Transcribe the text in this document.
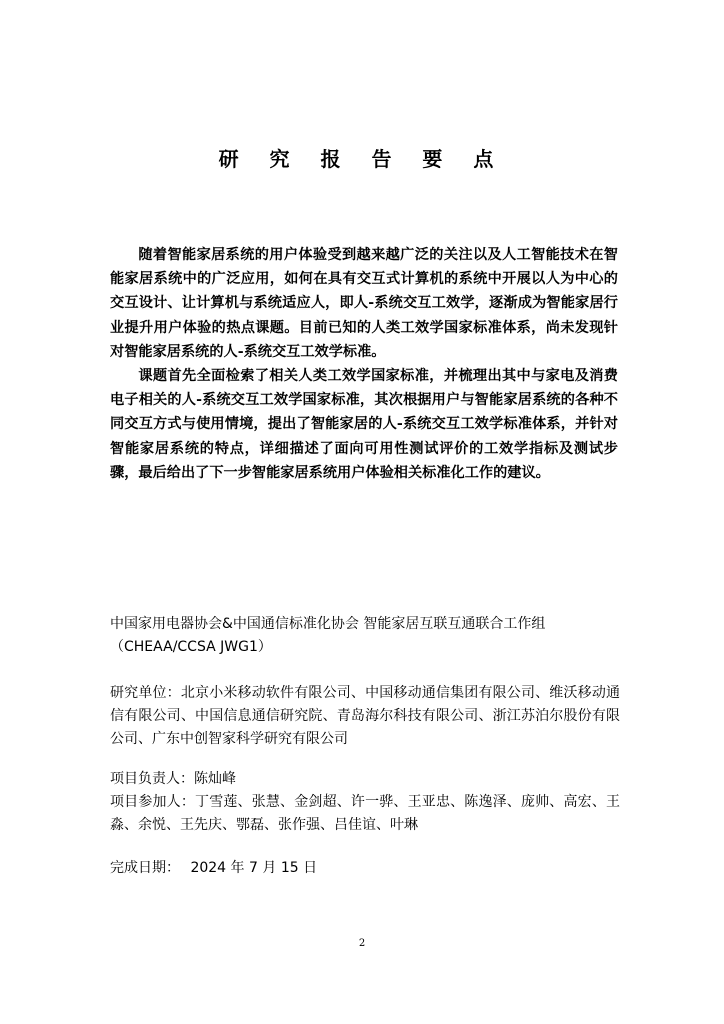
研 究 报 告 要 点

随着智能家居系统的用户体验受到越来越广泛的关注以及人工智能技术在智能家居系统中的广泛应用，如何在具有交互式计算机的系统中开展以人为中心的交互设计、让计算机与系统适应人，即人-系统交互工效学，逐渐成为智能家居行业提升用户体验的热点课题。目前已知的人类工效学国家标准体系，尚未发现针对智能家居系统的人-系统交互工效学标准。

课题首先全面检索了相关人类工效学国家标准，并梳理出其中与家电及消费电子相关的人-系统交互工效学国家标准，其次根据用户与智能家居系统的各种不同交互方式与使用情境，提出了智能家居的人-系统交互工效学标准体系，并针对智能家居系统的特点，详细描述了面向可用性测试评价的工效学指标及测试步骤，最后给出了下一步智能家居系统用户体验相关标准化工作的建议。

中国家用电器协会&中国通信标准化协会 智能家居互联互通联合工作组

（CHEAA/CCSA JWG1）

研究单位：北京小米移动软件有限公司、中国移动通信集团有限公司、维沃移动通信有限公司、中国信息通信研究院、青岛海尔科技有限公司、浙江苏泊尔股份有限公司、广东中创智家科学研究有限公司

项目负责人：陈灿峰

项目参加人：丁雪莲、张慧、金剑超、许一骅、王亚忠、陈逸泽、庞帅、高宏、王淼、余悦、王先庆、鄂磊、张作强、吕佳谊、叶琳

完成日期： 2024 年 7 月 15 日

2
